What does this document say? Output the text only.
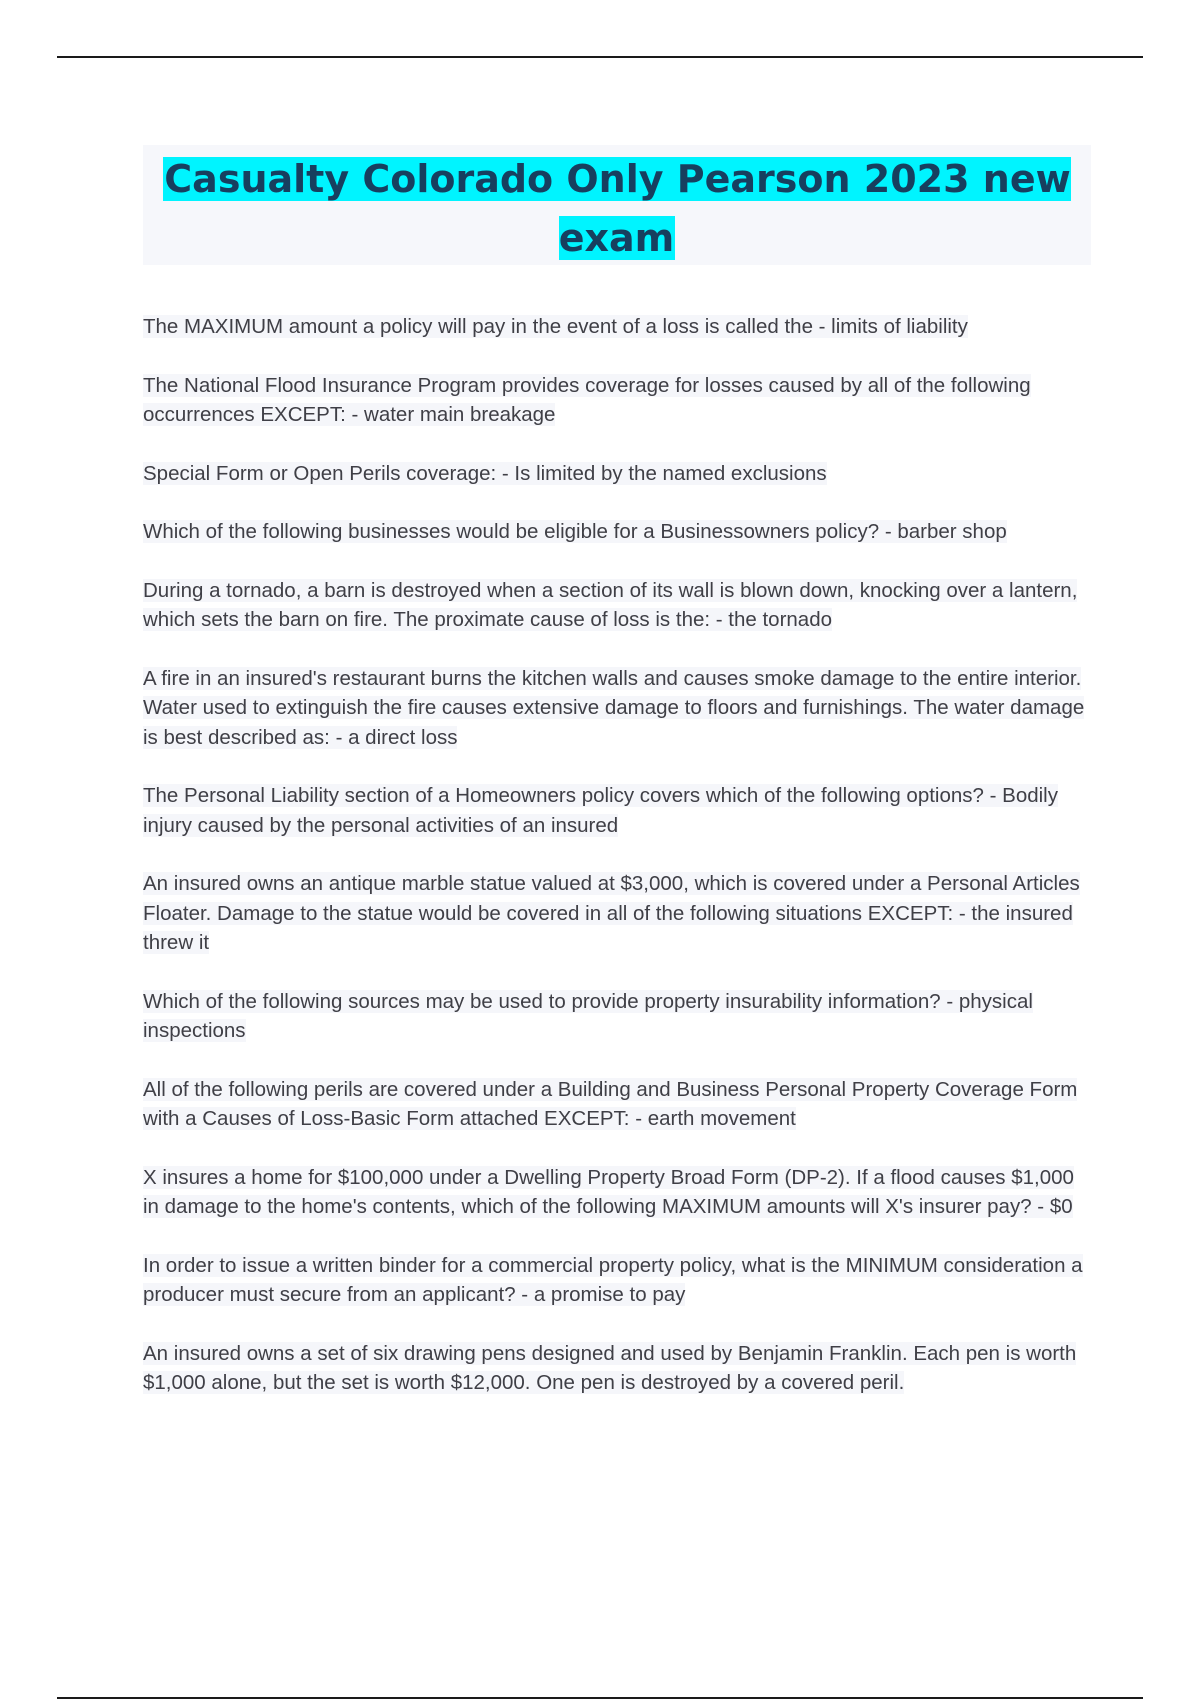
Casualty Colorado Only Pearson 2023 new exam
The MAXIMUM amount a policy will pay in the event of a loss is called the - limits of liability
The National Flood Insurance Program provides coverage for losses caused by all of the following occurrences EXCEPT: - water main breakage
Special Form or Open Perils coverage: - Is limited by the named exclusions
Which of the following businesses would be eligible for a Businessowners policy? - barber shop
During a tornado, a barn is destroyed when a section of its wall is blown down, knocking over a lantern, which sets the barn on fire. The proximate cause of loss is the: - the tornado
A fire in an insured's restaurant burns the kitchen walls and causes smoke damage to the entire interior. Water used to extinguish the fire causes extensive damage to floors and furnishings. The water damage is best described as: - a direct loss
The Personal Liability section of a Homeowners policy covers which of the following options? - Bodily injury caused by the personal activities of an insured
An insured owns an antique marble statue valued at $3,000, which is covered under a Personal Articles Floater. Damage to the statue would be covered in all of the following situations EXCEPT: - the insured threw it
Which of the following sources may be used to provide property insurability information? - physical inspections
All of the following perils are covered under a Building and Business Personal Property Coverage Form with a Causes of Loss-Basic Form attached EXCEPT: - earth movement
X insures a home for $100,000 under a Dwelling Property Broad Form (DP-2). If a flood causes $1,000 in damage to the home's contents, which of the following MAXIMUM amounts will X's insurer pay? - $0
In order to issue a written binder for a commercial property policy, what is the MINIMUM consideration a producer must secure from an applicant? - a promise to pay
An insured owns a set of six drawing pens designed and used by Benjamin Franklin. Each pen is worth $1,000 alone, but the set is worth $12,000. One pen is destroyed by a covered peril.
